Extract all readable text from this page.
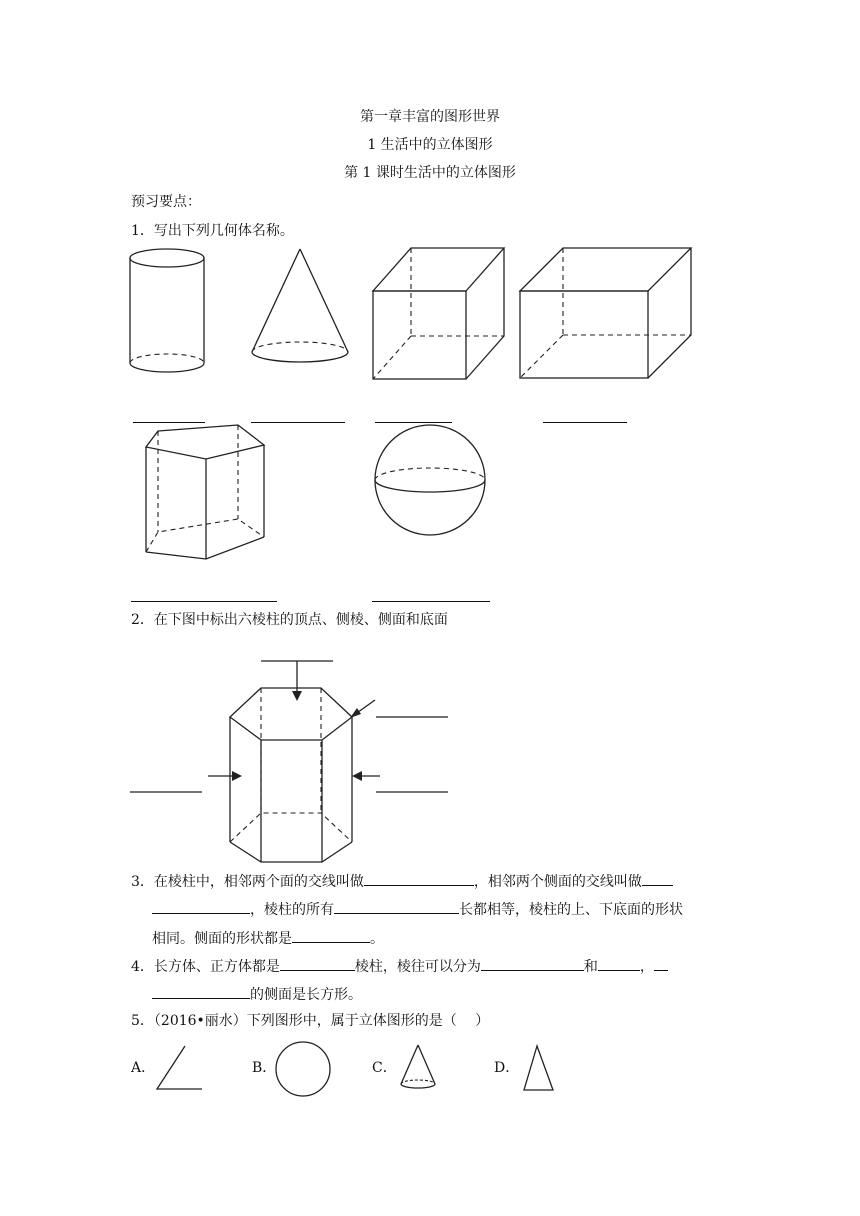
第一章丰富的图形世界
1 生活中的立体图形
第 1 课时生活中的立体图形
预习要点：
1．写出下列几何体名称。
2．在下图中标出六棱柱的顶点、侧棱、侧面和底面
3．在棱柱中，相邻两个面的交线叫做	，相邻两个侧面的交线叫做
，棱柱的所有	长都相等，棱柱的上、下底面的形状
相同。侧面的形状都是	。
4．长方体、正方体都是	棱柱，棱往可以分为	和	，
的侧面是长方形。
5．（2016•丽水）下列图形中，属于立体图形的是（　 ）
A．	B．	C．	D．
